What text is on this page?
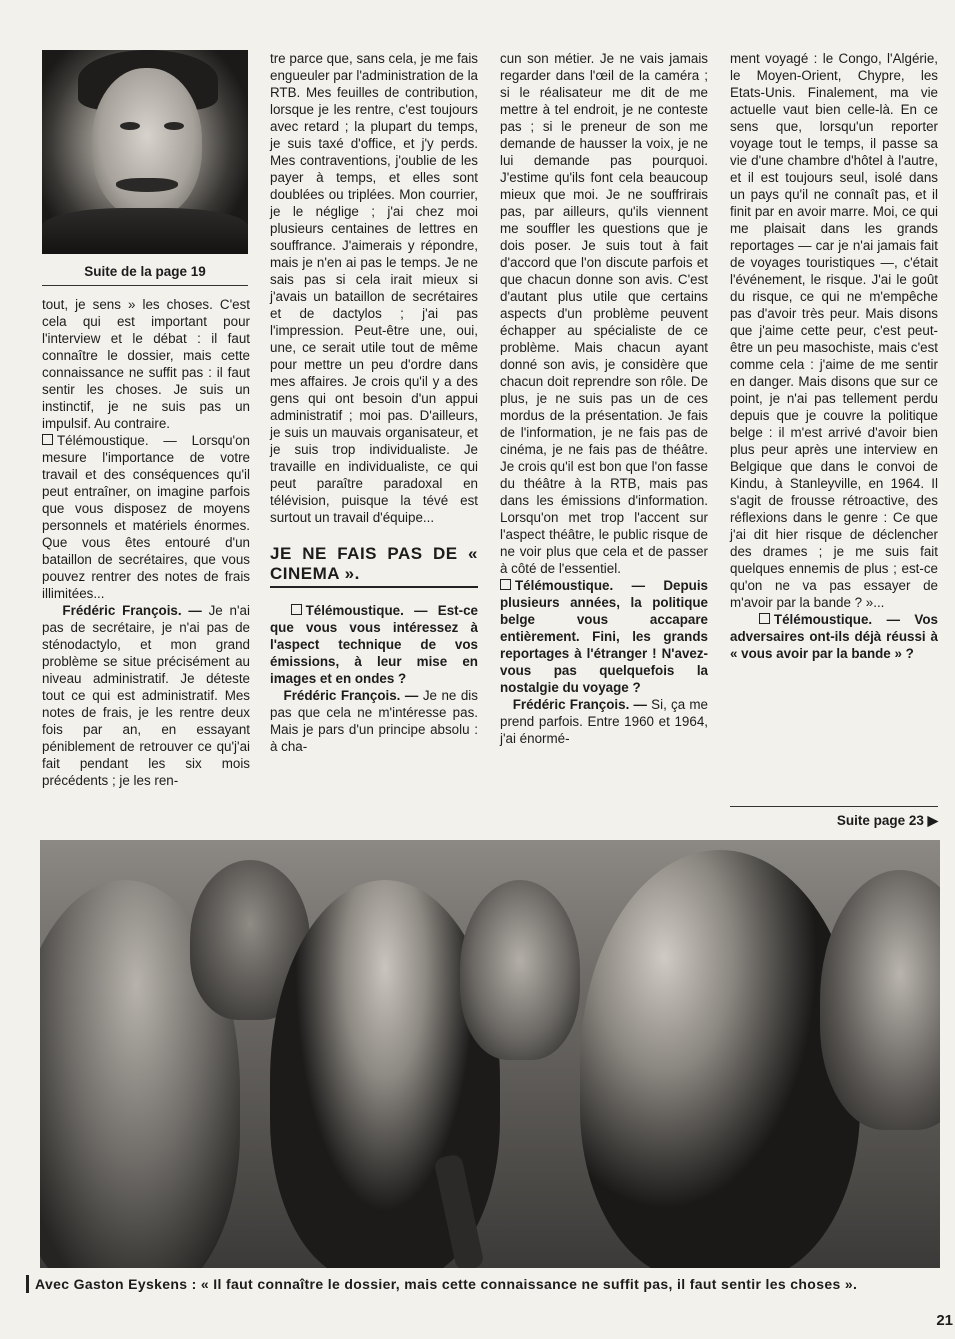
Suite de la page 19

tout, je sens » les choses. C'est cela qui est important pour l'interview et le débat : il faut connaître le dossier, mais cette connaissance ne suffit pas : il faut sentir les choses. Je suis un instinctif, je ne suis pas un impulsif. Au contraire.

Télémoustique. — Lorsqu'on mesure l'importance de votre travail et des conséquences qu'il peut entraîner, on imagine parfois que vous disposez de moyens personnels et matériels énormes. Que vous êtes entouré d'un bataillon de secrétaires, que vous pouvez rentrer des notes de frais illimitées...

Frédéric François. — Je n'ai pas de secrétaire, je n'ai pas de sténodactylo, et mon grand problème se situe précisément au niveau administratif. Je déteste tout ce qui est administratif. Mes notes de frais, je les rentre deux fois par an, en essayant péniblement de retrouver ce qu'j'ai fait pendant les six mois précédents ; je les ren-

tre parce que, sans cela, je me fais engueuler par l'administration de la RTB. Mes feuilles de contribution, lorsque je les rentre, c'est toujours avec retard ; la plupart du temps, je suis taxé d'office, et j'y perds. Mes contraventions, j'oublie de les payer à temps, et elles sont doublées ou triplées. Mon courrier, je le néglige ; j'ai chez moi plusieurs centaines de lettres en souffrance. J'aimerais y répondre, mais je n'en ai pas le temps. Je ne sais pas si cela irait mieux si j'avais un bataillon de secrétaires et de dactylos ; j'ai pas l'impression. Peut-être une, oui, une, ce serait utile tout de même pour mettre un peu d'ordre dans mes affaires. Je crois qu'il y a des gens qui ont besoin d'un appui administratif ; moi pas. D'ailleurs, je suis un mauvais organisateur, et je suis trop individualiste. Je travaille en individualiste, ce qui peut paraître paradoxal en télévision, puisque la tévé est surtout un travail d'équipe...

JE NE FAIS PAS DE « CINEMA ».

Télémoustique. — Est-ce que vous vous intéressez à l'aspect technique de vos émissions, à leur mise en images et en ondes ?

Frédéric François. — Je ne dis pas que cela ne m'intéresse pas. Mais je pars d'un principe absolu : à cha-

cun son métier. Je ne vais jamais regarder dans l'œil de la caméra ; si le réalisateur me dit de me mettre à tel endroit, je ne conteste pas ; si le preneur de son me demande de hausser la voix, je ne lui demande pas pourquoi. J'estime qu'ils font cela beaucoup mieux que moi. Je ne souffrirais pas, par ailleurs, qu'ils viennent me souffler les questions que je dois poser. Je suis tout à fait d'accord que l'on discute parfois et que chacun donne son avis. C'est d'autant plus utile que certains aspects d'un problème peuvent échapper au spécialiste de ce problème. Mais chacun ayant donné son avis, je considère que chacun doit reprendre son rôle. De plus, je ne suis pas un de ces mordus de la présentation. Je fais de l'information, je ne fais pas de cinéma, je ne fais pas de théâtre. Je crois qu'il est bon que l'on fasse du théâtre à la RTB, mais pas dans les émissions d'information. Lorsqu'on met trop l'accent sur l'aspect théâtre, le public risque de ne voir plus que cela et de passer à côté de l'essentiel.

Télémoustique. — Depuis plusieurs années, la politique belge vous accapare entièrement. Fini, les grands reportages à l'étranger ! N'avez-vous pas quelquefois la nostalgie du voyage ?

Frédéric François. — Si, ça me prend parfois. Entre 1960 et 1964, j'ai énormé-

ment voyagé : le Congo, l'Algérie, le Moyen-Orient, Chypre, les Etats-Unis. Finalement, ma vie actuelle vaut bien celle-là. En ce sens que, lorsqu'un reporter voyage tout le temps, il passe sa vie d'une chambre d'hôtel à l'autre, et il est toujours seul, isolé dans un pays qu'il ne connaît pas, et il finit par en avoir marre. Moi, ce qui me plaisait dans les grands reportages — car je n'ai jamais fait de voyages touristiques —, c'était l'événement, le risque. J'ai le goût du risque, ce qui ne m'empêche pas d'avoir très peur. Mais disons que j'aime cette peur, c'est peut-être un peu masochiste, mais c'est comme cela : j'aime de me sentir en danger. Mais disons que sur ce point, je n'ai pas tellement perdu depuis que je couvre la politique belge : il m'est arrivé d'avoir bien plus peur après une interview en Belgique que dans le convoi de Kindu, à Stanleyville, en 1964. Il s'agit de frousse rétroactive, des réflexions dans le genre : Ce que j'ai dit hier risque de déclencher des drames ; je me suis fait quelques ennemis de plus ; est-ce qu'on ne va pas essayer de m'avoir par la bande ? »...

Télémoustique. — Vos adversaires ont-ils déjà réussi à « vous avoir par la bande » ?

Suite page 23 ▶
Avec Gaston Eyskens : « Il faut connaître le dossier, mais cette connaissance ne suffit pas, il faut sentir les choses ».
21
